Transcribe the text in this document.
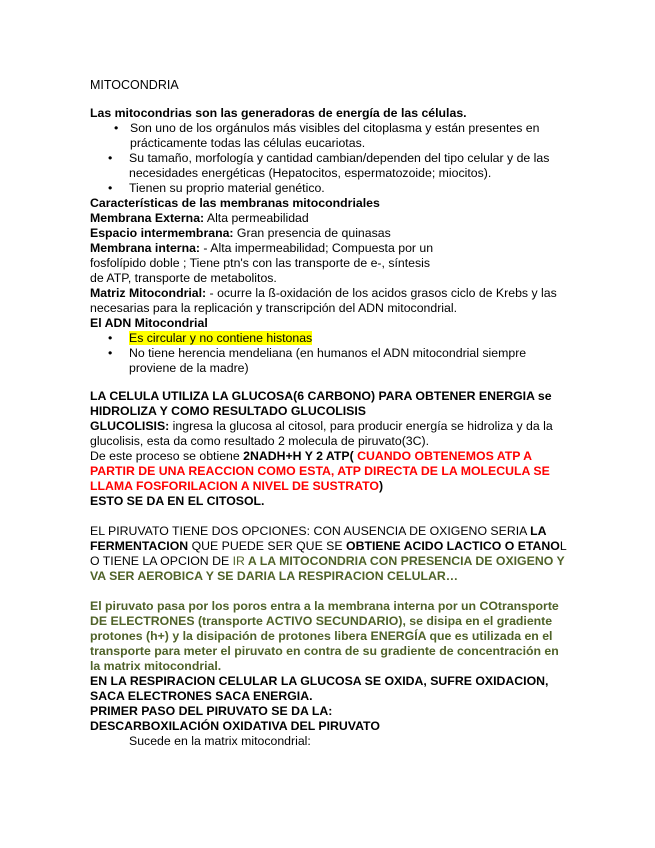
MITOCONDRIA

Las mitocondrias son las generadoras de energía de las células.

• Son uno de los orgánulos más visibles del citoplasma y están presentes en prácticamente todas las células eucariotas.
• Su tamaño, morfología y cantidad cambian/dependen del tipo celular y de las necesidades energéticas (Hepatocitos, espermatozoide; miocitos).
• Tienen su proprio material genético.

Características de las membranas mitocondriales

Membrana Externa: Alta permeabilidad

Espacio intermembrana: Gran presencia de quinasas

Membrana interna: - Alta impermeabilidad; Compuesta por un fosfolípido doble ; Tiene ptn's con las transporte de e-, síntesis de ATP, transporte de metabolitos.

Matriz Mitocondrial: - ocurre la ß-oxidación de los acidos grasos ciclo de Krebs y las necesarias para la replicación y transcripción del ADN mitocondrial.

El ADN Mitocondrial

• Es circular y no contiene histonas
• No tiene herencia mendeliana (en humanos el ADN mitocondrial siempre proviene de la madre)

LA CELULA UTILIZA LA GLUCOSA(6 CARBONO) PARA OBTENER ENERGIA se HIDROLIZA Y COMO RESULTADO GLUCOLISIS

GLUCOLISIS: ingresa la glucosa al citosol, para producir energía se hidroliza y da la glucolisis, esta da como resultado 2 molecula de piruvato(3C).

De este proceso se obtiene 2NADH+H Y 2 ATP( CUANDO OBTENEMOS ATP A PARTIR DE UNA REACCION COMO ESTA, ATP DIRECTA DE LA MOLECULA SE LLAMA FOSFORILACION A NIVEL DE SUSTRATO)

ESTO SE DA EN EL CITOSOL.

EL PIRUVATO TIENE DOS OPCIONES: CON AUSENCIA DE OXIGENO SERIA LA FERMENTACION QUE PUEDE SER QUE SE OBTIENE ACIDO LACTICO O ETANOL O TIENE LA OPCION DE IR A LA MITOCONDRIA CON PRESENCIA DE OXIGENO Y VA SER AEROBICA Y SE DARIA LA RESPIRACION CELULAR…

El piruvato pasa por los poros entra a la membrana interna por un COtransporte DE ELECTRONES (transporte ACTIVO SECUNDARIO), se disipa en el gradiente protones (h+) y la disipación de protones libera ENERGÍA que es utilizada en el transporte para meter el piruvato en contra de su gradiente de concentración en la matrix mitocondrial.

EN LA RESPIRACION CELULAR LA GLUCOSA SE OXIDA, SUFRE OXIDACION, SACA ELECTRONES SACA ENERGIA.

PRIMER PASO DEL PIRUVATO SE DA LA:

DESCARBOXILACIÓN OXIDATIVA DEL PIRUVATO

Sucede en la matrix mitocondrial:
